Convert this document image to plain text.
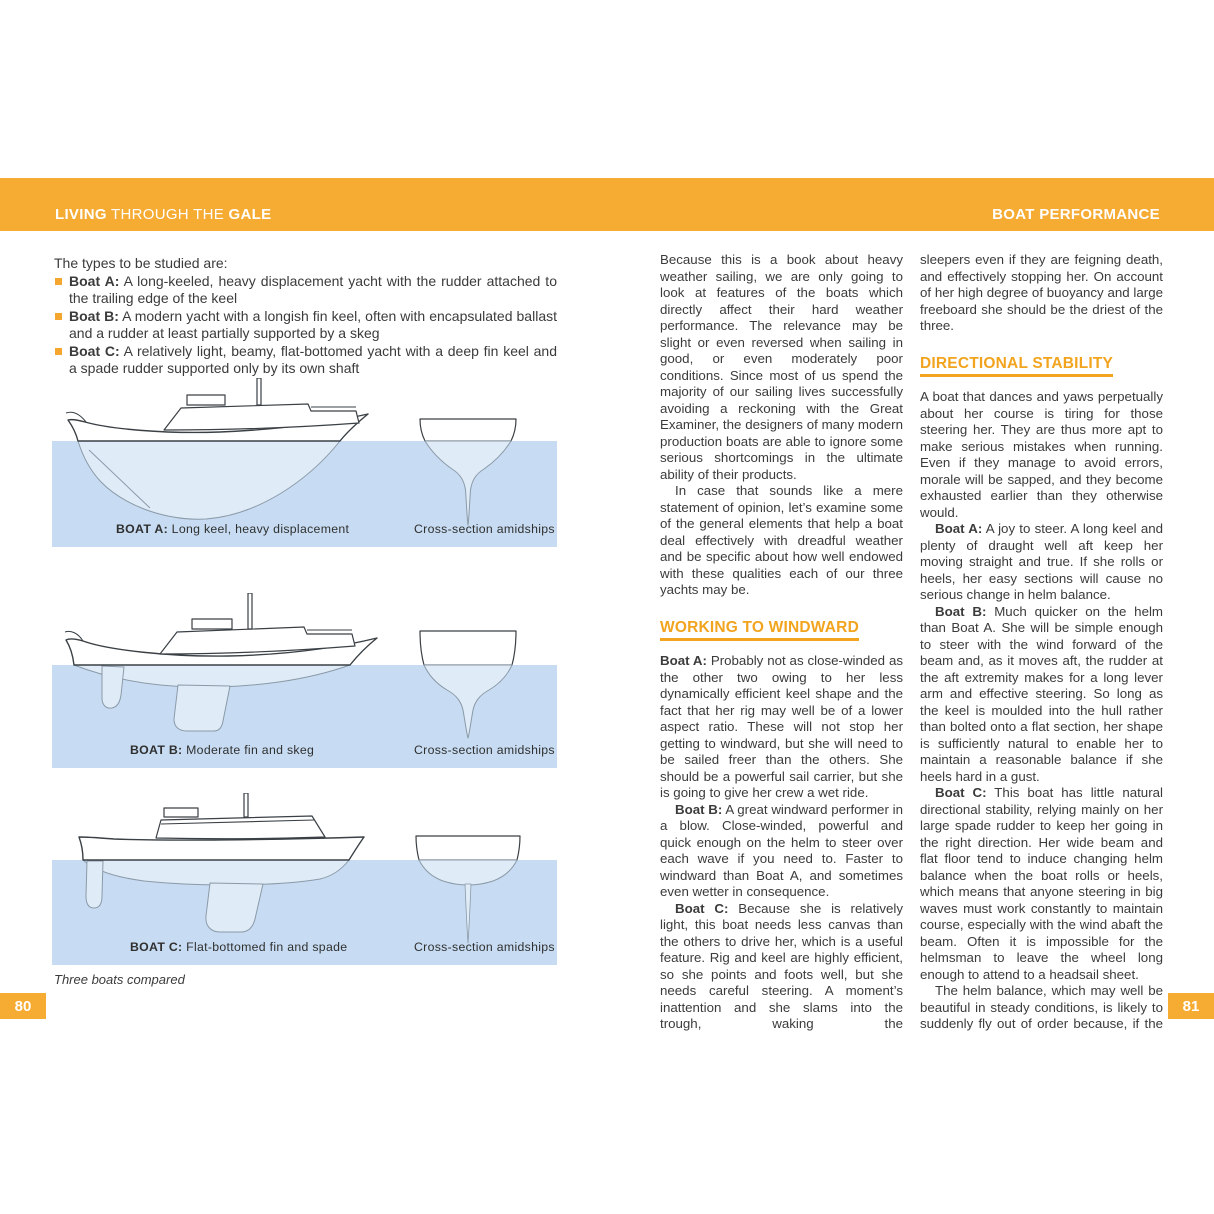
LIVING THROUGH THE GALE	BOAT PERFORMANCE

The types to be studied are:

Boat A: A long-keeled, heavy displacement yacht with the rudder attached to the trailing edge of the keel

Boat B: A modern yacht with a longish fin keel, often with encapsulated ballast and a rudder at least partially supported by a skeg

Boat C: A relatively light, beamy, flat-bottomed yacht with a deep fin keel and a spade rudder supported only by its own shaft

BOAT A: Long keel, heavy displacement	Cross-section amidships
BOAT B: Moderate fin and skeg	Cross-section amidships
BOAT C: Flat-bottomed fin and spade	Cross-section amidships
Three boats compared
80	81

Because this is a book about heavy weather sailing, we are only going to look at features of the boats which directly affect their hard weather performance. The relevance may be slight or even reversed when sailing in good, or even moderately poor conditions. Since most of us spend the majority of our sailing lives successfully avoiding a reckoning with the Great Examiner, the designers of many modern production boats are able to ignore some serious shortcomings in the ultimate ability of their products.

In case that sounds like a mere statement of opinion, let’s examine some of the general elements that help a boat deal effectively with dreadful weather and be specific about how well endowed with these qualities each of our three yachts may be.

WORKING TO WINDWARD

Boat A: Probably not as close-winded as the other two owing to her less dynamically efficient keel shape and the fact that her rig may well be of a lower aspect ratio. These will not stop her getting to windward, but she will need to be sailed freer than the others. She should be a powerful sail carrier, but she is going to give her crew a wet ride.

Boat B: A great windward performer in a blow. Close-winded, powerful and quick enough on the helm to steer over each wave if you need to. Faster to windward than Boat A, and sometimes even wetter in consequence.

Boat C: Because she is relatively light, this boat needs less canvas than the others to drive her, which is a useful feature. Rig and keel are highly efficient, so she points and foots well, but she needs careful steering. A moment’s inattention and she slams into the trough, waking the

sleepers even if they are feigning death, and effectively stopping her. On account of her high degree of buoyancy and large freeboard she should be the driest of the three.

DIRECTIONAL STABILITY

A boat that dances and yaws perpetually about her course is tiring for those steering her. They are thus more apt to make serious mistakes when running. Even if they manage to avoid errors, morale will be sapped, and they become exhausted earlier than they otherwise would.

Boat A: A joy to steer. A long keel and plenty of draught well aft keep her moving straight and true. If she rolls or heels, her easy sections will cause no serious change in helm balance.

Boat B: Much quicker on the helm than Boat A. She will be simple enough to steer with the wind forward of the beam and, as it moves aft, the rudder at the aft extremity makes for a long lever arm and effective steering. So long as the keel is moulded into the hull rather than bolted onto a flat section, her shape is sufficiently natural to enable her to maintain a reasonable balance if she heels hard in a gust.

Boat C: This boat has little natural directional stability, relying mainly on her large spade rudder to keep her going in the right direction. Her wide beam and flat floor tend to induce changing helm balance when the boat rolls or heels, which means that anyone steering in big waves must work constantly to maintain course, especially with the wind abaft the beam. Often it is impossible for the helmsman to leave the wheel long enough to attend to a headsail sheet.

The helm balance, which may well be beautiful in steady conditions, is likely to suddenly fly out of order because, if the
